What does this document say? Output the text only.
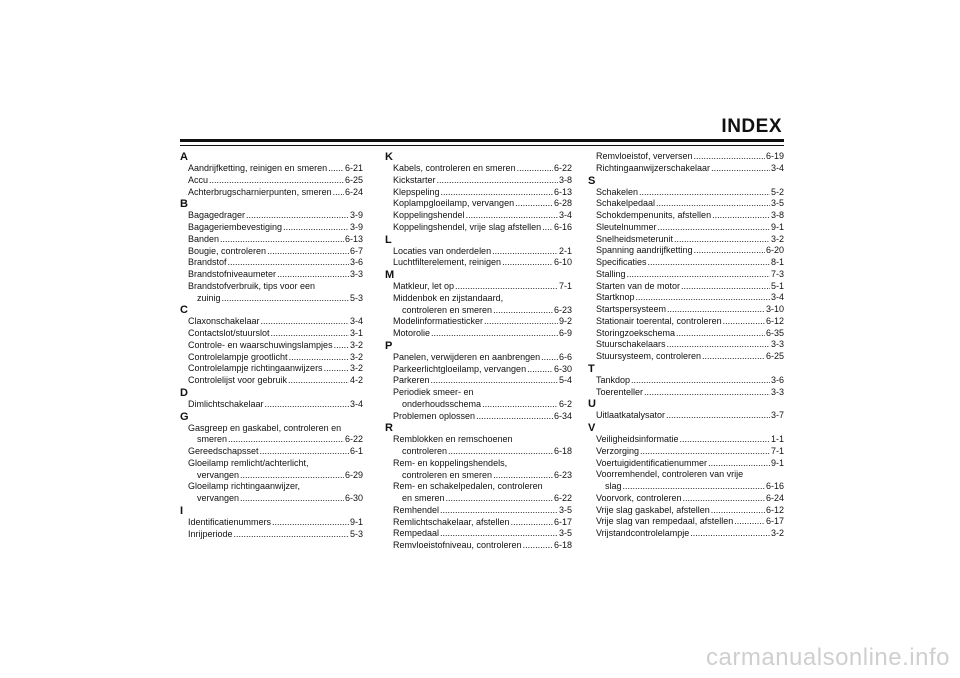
INDEX
A
Aandrijfketting, reinigen en smeren ..... 6-21
Accu .....	6-25
Achterbrugscharnierpunten, smeren ..... 6-24
B
Bagagedrager .....	3-9
Bagageriembevestiging .....	3-9
Banden .....	6-13
Bougie, controleren .....	6-7
Brandstof .....	3-6
Brandstofniveaumeter .....	3-3
Brandstofverbruik, tips voor een
zuinig .....	5-3
C
Claxonschakelaar .....	3-4
Contactslot/stuurslot .....	3-1
Controle- en waarschuwingslampjes ..... 3-2
Controlelampje grootlicht .....	3-2
Controlelampje richtingaanwijzers .....	3-2
Controlelijst voor gebruik .....	4-2
D
Dimlichtschakelaar .....	3-4
G
Gasgreep en gaskabel, controleren en
smeren .....	6-22
Gereedschapsset .....	6-1
Gloeilamp remlicht/achterlicht,
vervangen .....	6-29
Gloeilamp richtingaanwijzer,
vervangen .....	6-30
I
Identificatienummers .....	9-1
Inrijperiode .....	5-3
K
Kabels, controleren en smeren .....	6-22
Kickstarter .....	3-8
Klepspeling .....	6-13
Koplampgloeilamp, vervangen .....	6-28
Koppelingshendel .....	3-4
Koppelingshendel, vrije slag afstellen ..... 6-16
L
Locaties van onderdelen .....	2-1
Luchtfilterelement, reinigen .....	6-10
M
Matkleur, let op .....	7-1
Middenbok en zijstandaard,
controleren en smeren .....	6-23
Modelinformatiesticker .....	9-2
Motorolie .....	6-9
P
Panelen, verwijderen en aanbrengen ..... 6-6
Parkeerlichtgloeilamp, vervangen .....	6-30
Parkeren .....	5-4
Periodiek smeer- en
onderhoudsschema .....	6-2
Problemen oplossen .....	6-34
R
Remblokken en remschoenen
controleren .....	6-18
Rem- en koppelingshendels,
controleren en smeren .....	6-23
Rem- en schakelpedalen, controleren
en smeren .....	6-22
Remhendel .....	3-5
Remlichtschakelaar, afstellen .....	6-17
Rempedaal .....	3-5
Remvloeistofniveau, controleren .....	6-18
Remvloeistof, verversen .....	6-19
Richtingaanwijzerschakelaar .....	3-4
S
Schakelen .....	5-2
Schakelpedaal .....	3-5
Schokdempenunits, afstellen .....	3-8
Sleutelnummer .....	9-1
Snelheidsmeterunit .....	3-2
Spanning aandrijfketting .....	6-20
Specificaties .....	8-1
Stalling .....	7-3
Starten van de motor .....	5-1
Startknop .....	3-4
Startspersysteem .....	3-10
Stationair toerental, controleren .....	6-12
Storingzoekschema .....	6-35
Stuurschakelaars .....	3-3
Stuursysteem, controleren .....	6-25
T
Tankdop .....	3-6
Toerenteller .....	3-3
U
Uitlaatkatalysator .....	3-7
V
Veiligheidsinformatie .....	1-1
Verzorging .....	7-1
Voertuigidentificatienummer .....	9-1
Voorremhendel, controleren van vrije
slag .....	6-16
Voorvork, controleren .....	6-24
Vrije slag gaskabel, afstellen .....	6-12
Vrije slag van rempedaal, afstellen .....	6-17
Vrijstandcontrolelampje .....	3-2
carmanualsonline.info
